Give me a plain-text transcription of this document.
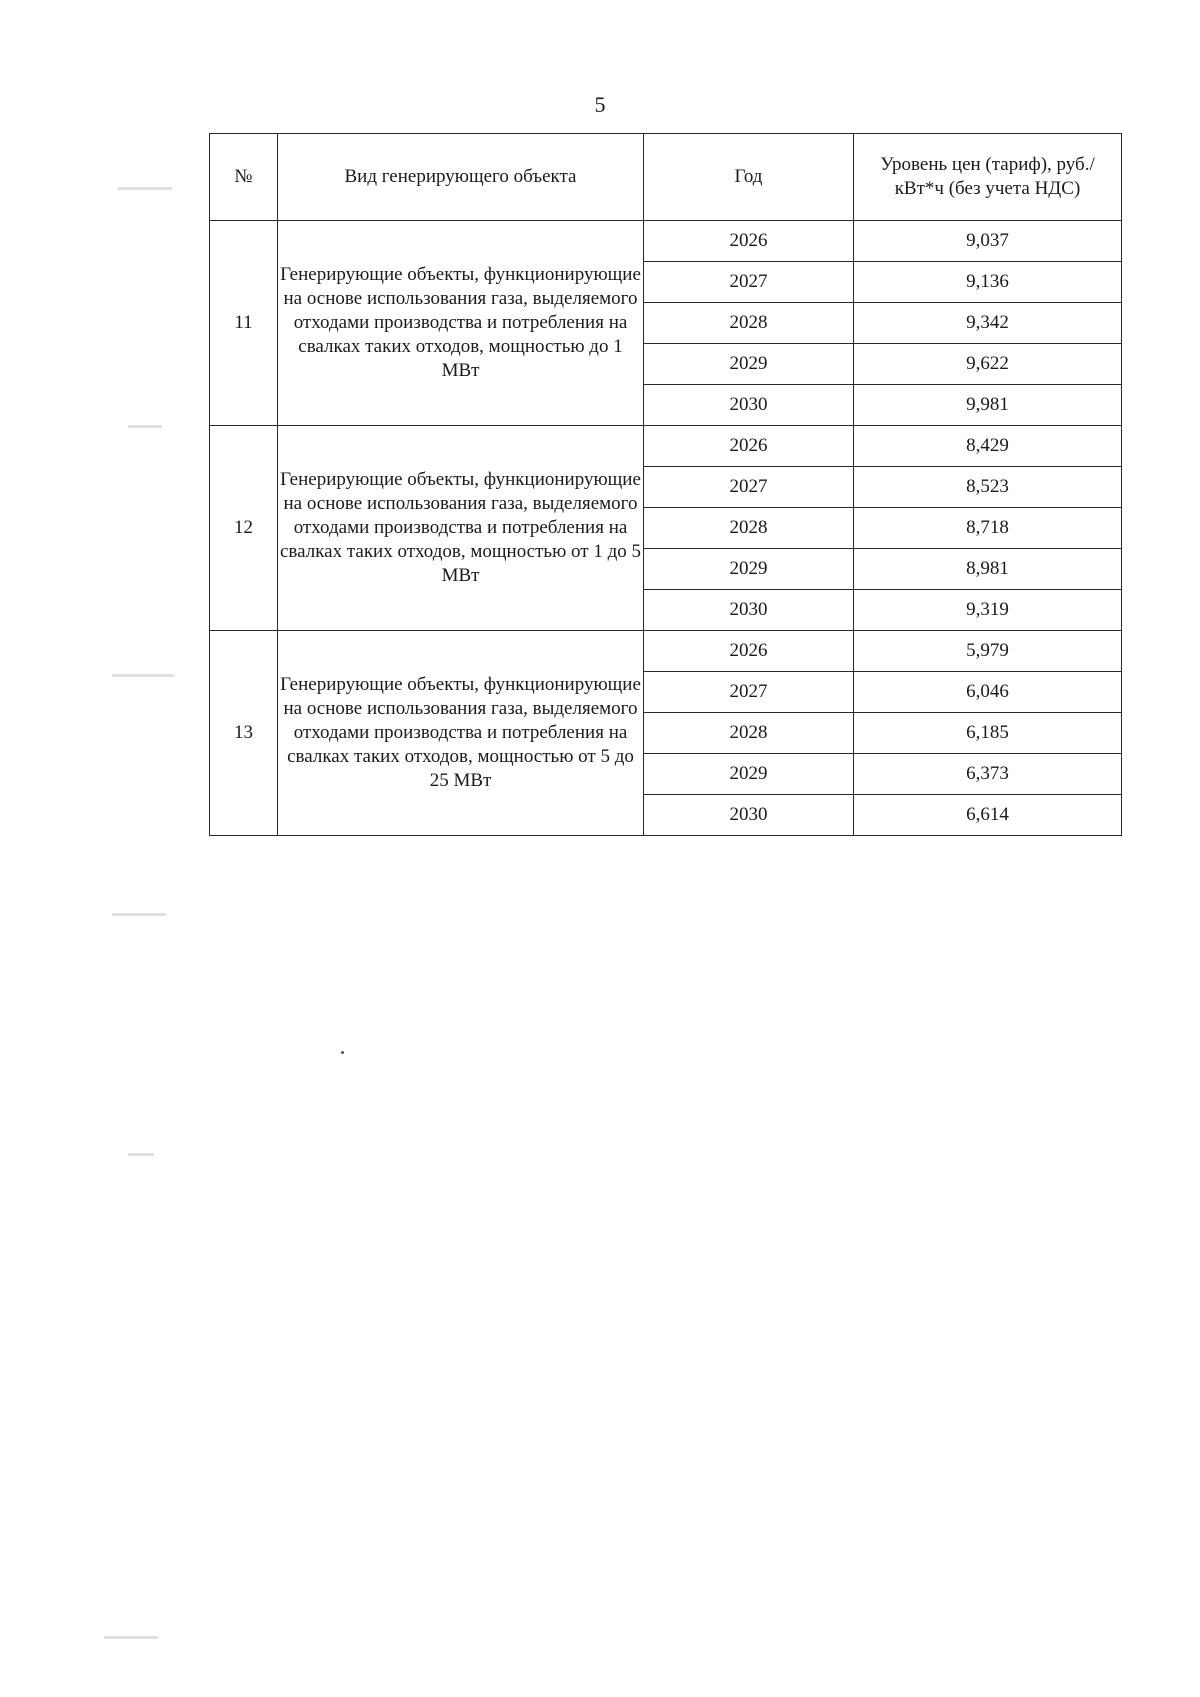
5
№	Вид генерирующего объекта	Год	Уровень цен (тариф), руб./кВт*ч (без учета НДС)
11	Генерирующие объекты, функционирующие на основе использования газа, выделяемого отходами производства и потребления на свалках таких отходов, мощностью до 1 МВт	2026	9,037
		2027	9,136
		2028	9,342
		2029	9,622
		2030	9,981
12	Генерирующие объекты, функционирующие на основе использования газа, выделяемого отходами производства и потребления на свалках таких отходов, мощностью от 1 до 5 МВт	2026	8,429
		2027	8,523
		2028	8,718
		2029	8,981
		2030	9,319
13	Генерирующие объекты, функционирующие на основе использования газа, выделяемого отходами производства и потребления на свалках таких отходов, мощностью от 5 до 25 МВт	2026	5,979
		2027	6,046
		2028	6,185
		2029	6,373
		2030	6,614
